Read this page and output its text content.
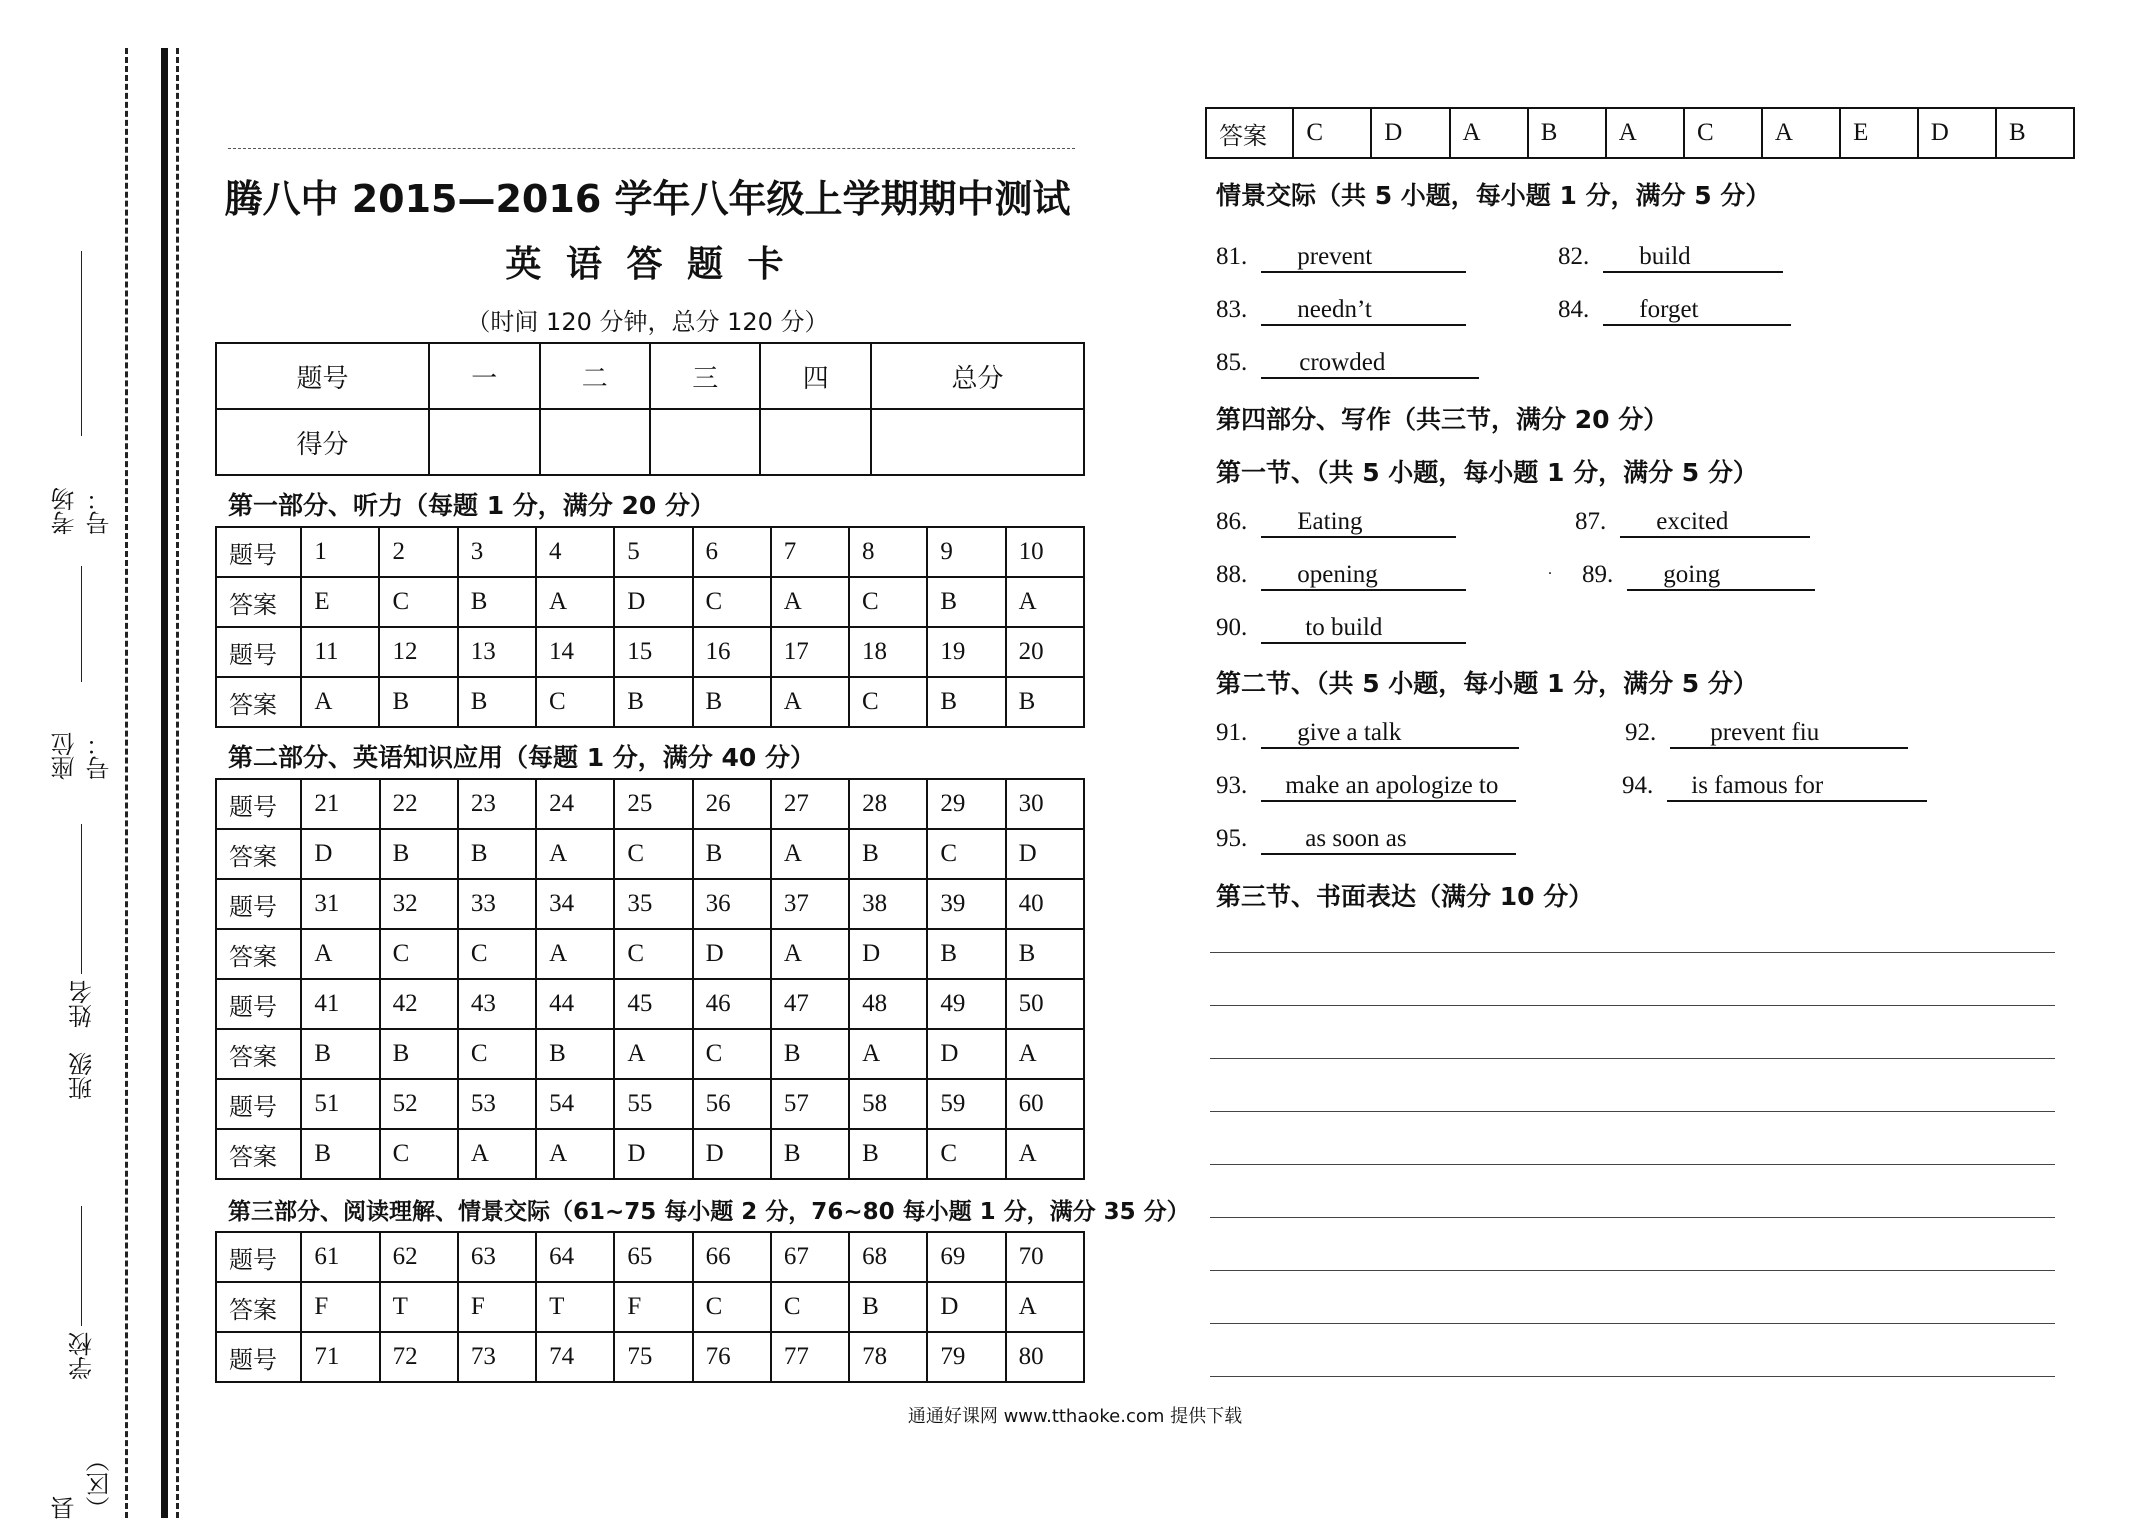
考场号：
座位号：
班级　姓名
学校
县（区）
腾八中 2015—2016 学年八年级上学期期中测试
英 语 答 题 卡
（时间 120 分钟，总分 120 分）
题号	一	二	三	四	总分
得分					
第一部分、听力（每题 1 分，满分 20 分）
第二部分、英语知识应用（每题 1 分，满分 40 分）
第三部分、阅读理解、情景交际（61~75 每小题 2 分，76~80 每小题 1 分，满分 35 分）
题号	1	2	3	4	5	6	7	8	9	10
答案	E	C	B	A	D	C	A	C	B	A
题号	11	12	13	14	15	16	17	18	19	20
答案	A	B	B	C	B	B	A	C	B	B
题号	21	22	23	24	25	26	27	28	29	30
答案	D	B	B	A	C	B	A	B	C	D
题号	31	32	33	34	35	36	37	38	39	40
答案	A	C	C	A	C	D	A	D	B	B
题号	41	42	43	44	45	46	47	48	49	50
答案	B	B	C	B	A	C	B	A	D	A
题号	51	52	53	54	55	56	57	58	59	60
答案	B	C	A	A	D	D	B	B	C	A
题号	61	62	63	64	65	66	67	68	69	70
答案	F	T	F	T	F	C	C	B	D	A
题号	71	72	73	74	75	76	77	78	79	80
答案	C	D	A	B	A	C	A	E	D	B
情景交际（共 5 小题，每小题 1 分，满分 5 分）
81. prevent	82. build
83. needn’t	84. forget
85. crowded
第四部分、写作（共三节，满分 20 分）
第一节、（共 5 小题，每小题 1 分，满分 5 分）
86. Eating	87. excited
88. opening	. 89. going
90. to build
第二节、（共 5 小题，每小题 1 分，满分 5 分）
91. give a talk	92. prevent fiu
93. make an apologize to	94. is famous for
95. as soon as
第三节、书面表达（满分 10 分）
通通好课网 www.tthaoke.com 提供下载
